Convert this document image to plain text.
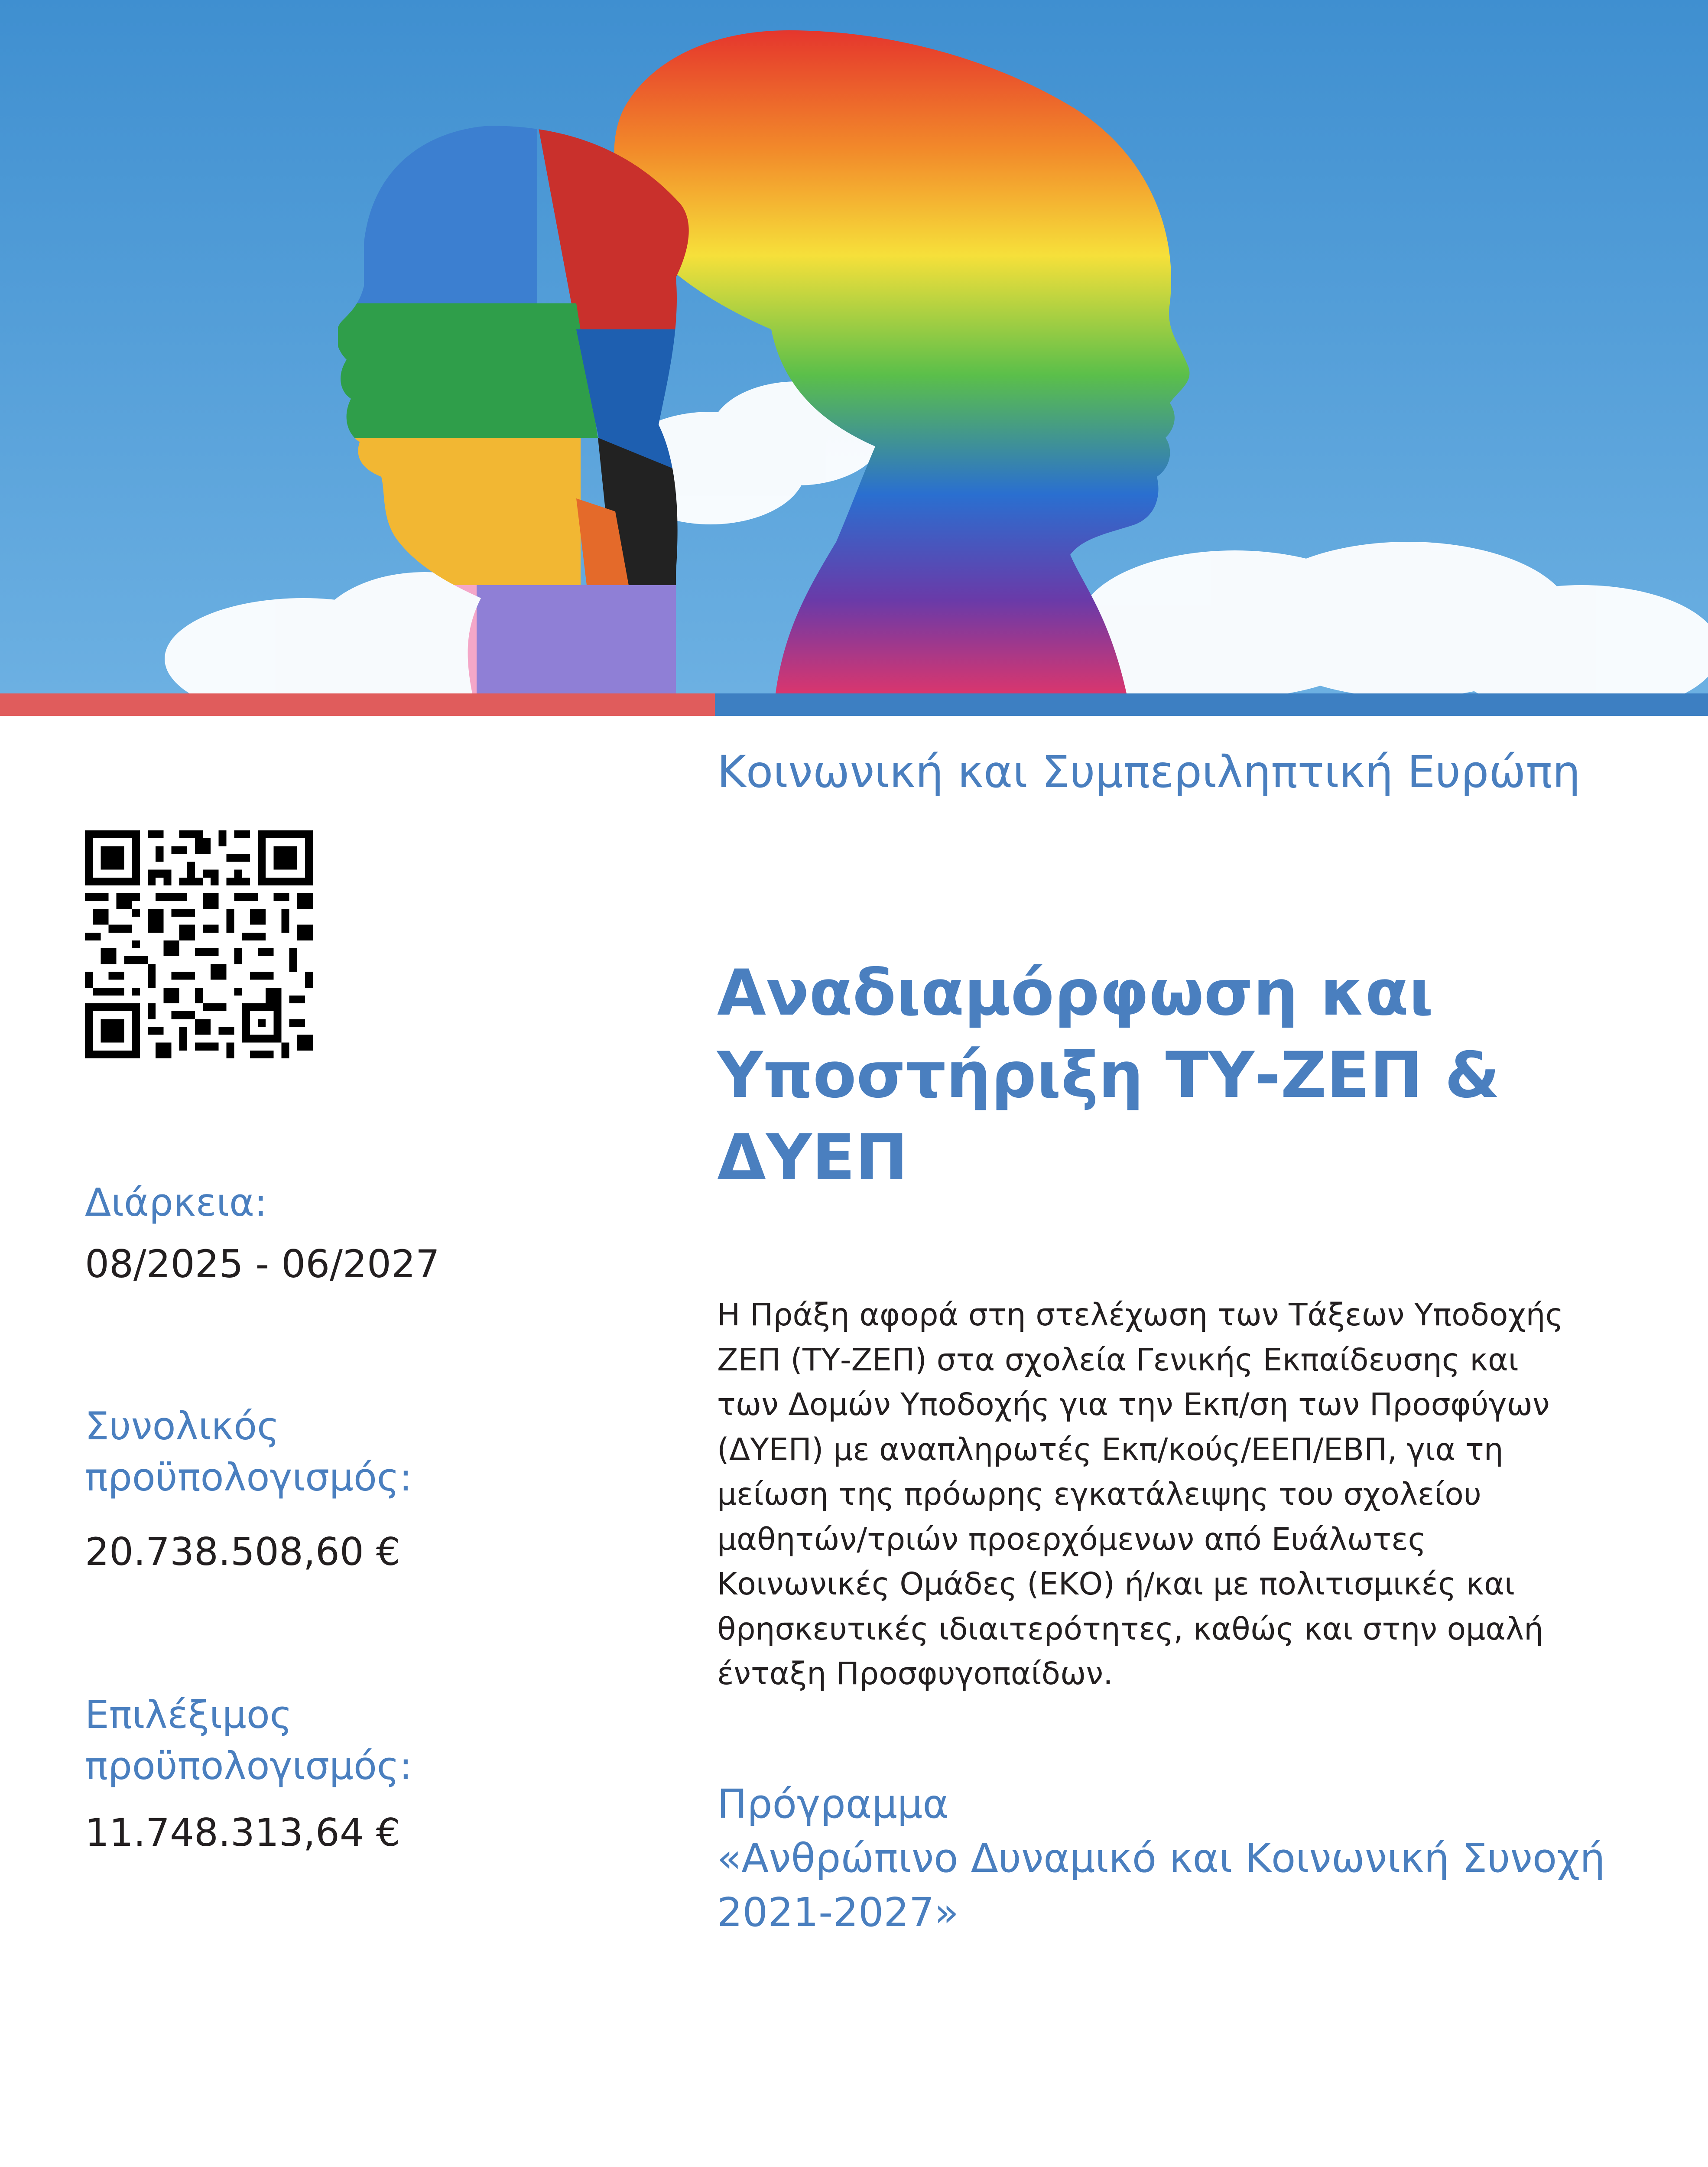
Διάρκεια:

08/2025 - 06/2027

Συνολικός προϋπολογισμός:

20.738.508,60 €

Επιλέξιμος προϋπολογισμός:

11.748.313,64 €

Κοινωνική και Συμπεριληπτική Ευρώπη

Αναδιαμόρφωση και Υποστήριξη ΤΥ-ΖΕΠ & ΔΥΕΠ

Η Πράξη αφορά στη στελέχωση των Τάξεων Υποδοχής ΖΕΠ (ΤΥ-ΖΕΠ) στα σχολεία Γενικής Εκπαίδευσης και των Δομών Υποδοχής για την Εκπ/ση των Προσφύγων (ΔΥΕΠ) με αναπληρωτές Εκπ/κούς/ΕΕΠ/ΕΒΠ, για τη μείωση της πρόωρης εγκατάλειψης του σχολείου μαθητών/τριών προερχόμενων από Ευάλωτες Κοινωνικές Ομάδες (ΕΚΟ) ή/και με πολιτισμικές και θρησκευτικές ιδιαιτερότητες, καθώς και στην ομαλή ένταξη Προσφυγοπαίδων.

Πρόγραμμα
«Ανθρώπινο Δυναμικό και Κοινωνική Συνοχή 2021-2027»
